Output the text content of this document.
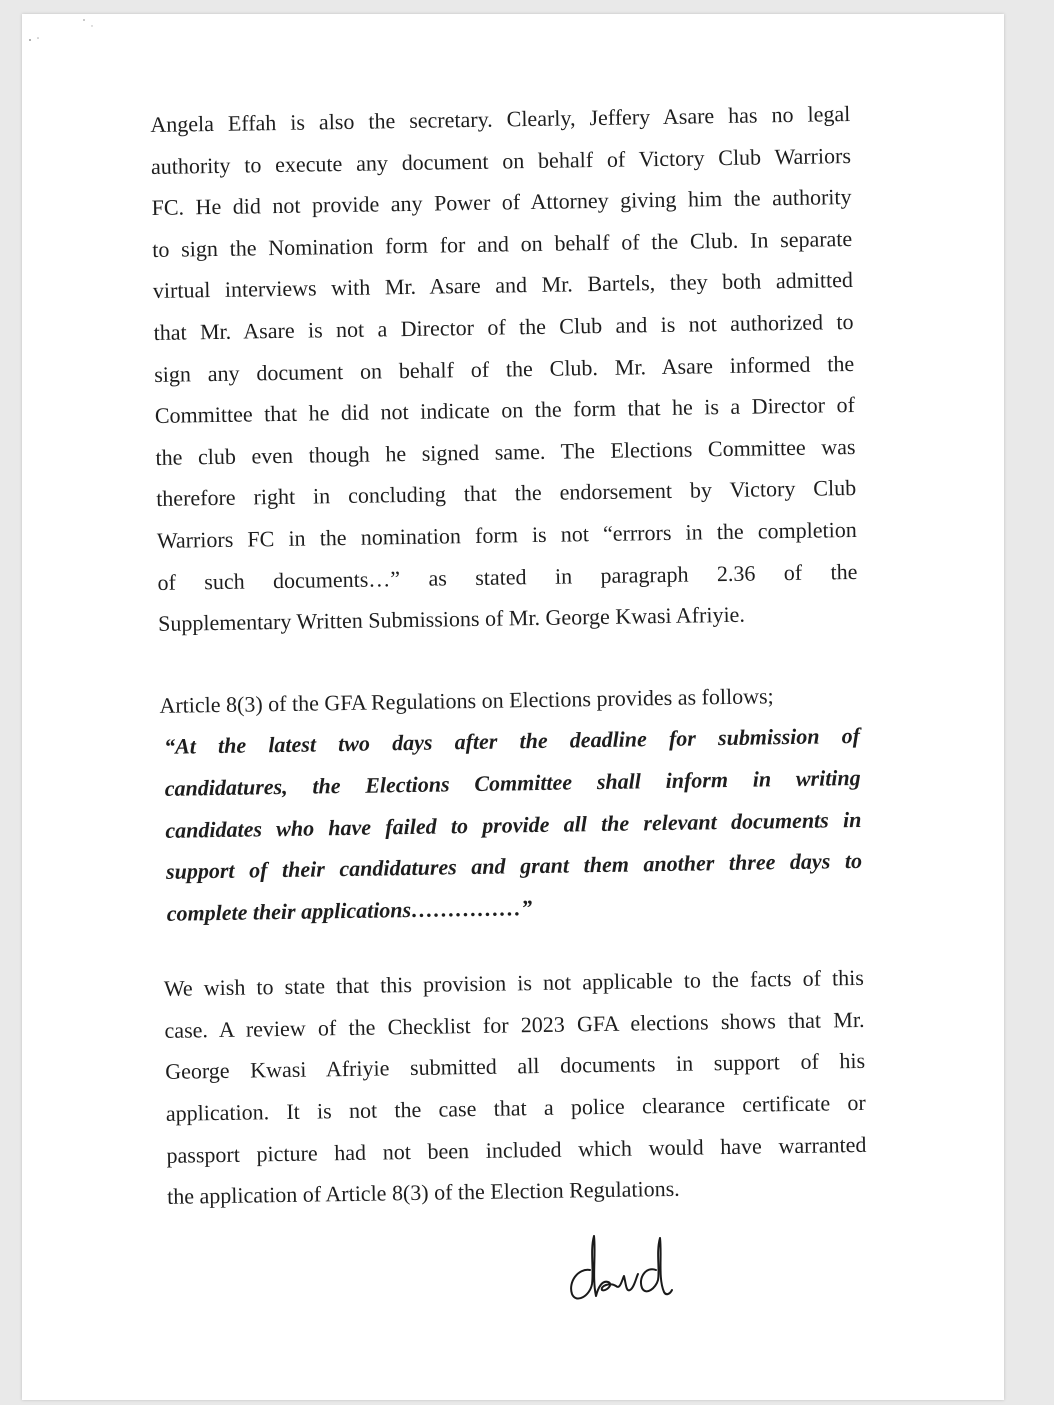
Angela Effah is also the secretary. Clearly, Jeffery Asare has no legal
authority to execute any document on behalf of Victory Club Warriors
FC. He did not provide any Power of Attorney giving him the authority
to sign the Nomination form for and on behalf of the Club. In separate
virtual interviews with Mr. Asare and Mr. Bartels, they both admitted
that Mr. Asare is not a Director of the Club and is not authorized to
sign any document on behalf of the Club. Mr. Asare informed the
Committee that he did not indicate on the form that he is a Director of
the club even though he signed same. The Elections Committee was
therefore right in concluding that the endorsement by Victory Club
Warriors FC in the nomination form is not “errrors in the completion
of such documents…” as stated in paragraph 2.36 of the
Supplementary Written Submissions of Mr. George Kwasi Afriyie.
Article 8(3) of the GFA Regulations on Elections provides as follows;
“At the latest two days after the deadline for submission of
candidatures, the Elections Committee shall inform in writing
candidates who have failed to provide all the relevant documents in
support of their candidatures and grant them another three days to
complete their applications……………”
We wish to state that this provision is not applicable to the facts of this
case. A review of the Checklist for 2023 GFA elections shows that Mr.
George Kwasi Afriyie submitted all documents in support of his
application. It is not the case that a police clearance certificate or
passport picture had not been included which would have warranted
the application of Article 8(3) of the Election Regulations.
